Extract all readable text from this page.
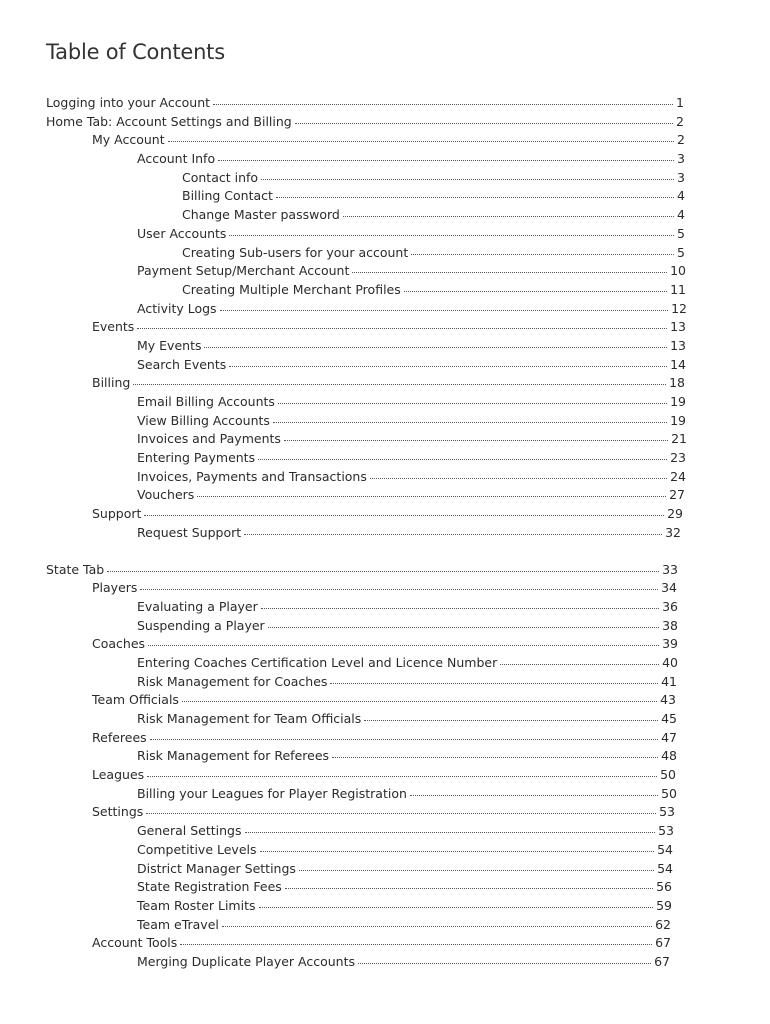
Table of Contents
Logging into your Account	1
Home Tab: Account Settings and Billing	2
My Account	2
Account Info	3
Contact info	3
Billing Contact	4
Change Master password	4
User Accounts	5
Creating Sub-users for your account	5
Payment Setup/Merchant Account	10
Creating Multiple Merchant Profiles	11
Activity Logs	12
Events	13
My Events	13
Search Events	14
Billing	18
Email Billing Accounts	19
View Billing Accounts	19
Invoices and Payments	21
Entering Payments	23
Invoices, Payments and Transactions	24
Vouchers	27
Support	29
Request Support	32
State Tab	33
Players	34
Evaluating a Player	36
Suspending a Player	38
Coaches	39
Entering Coaches Certification Level and Licence Number	40
Risk Management for Coaches	41
Team Officials	43
Risk Management for Team Officials	45
Referees	47
Risk Management for Referees	48
Leagues	50
Billing your Leagues for Player Registration	50
Settings	53
General Settings	53
Competitive Levels	54
District Manager Settings	54
State Registration Fees	56
Team Roster Limits	59
Team eTravel	62
Account Tools	67
Merging Duplicate Player Accounts	67
